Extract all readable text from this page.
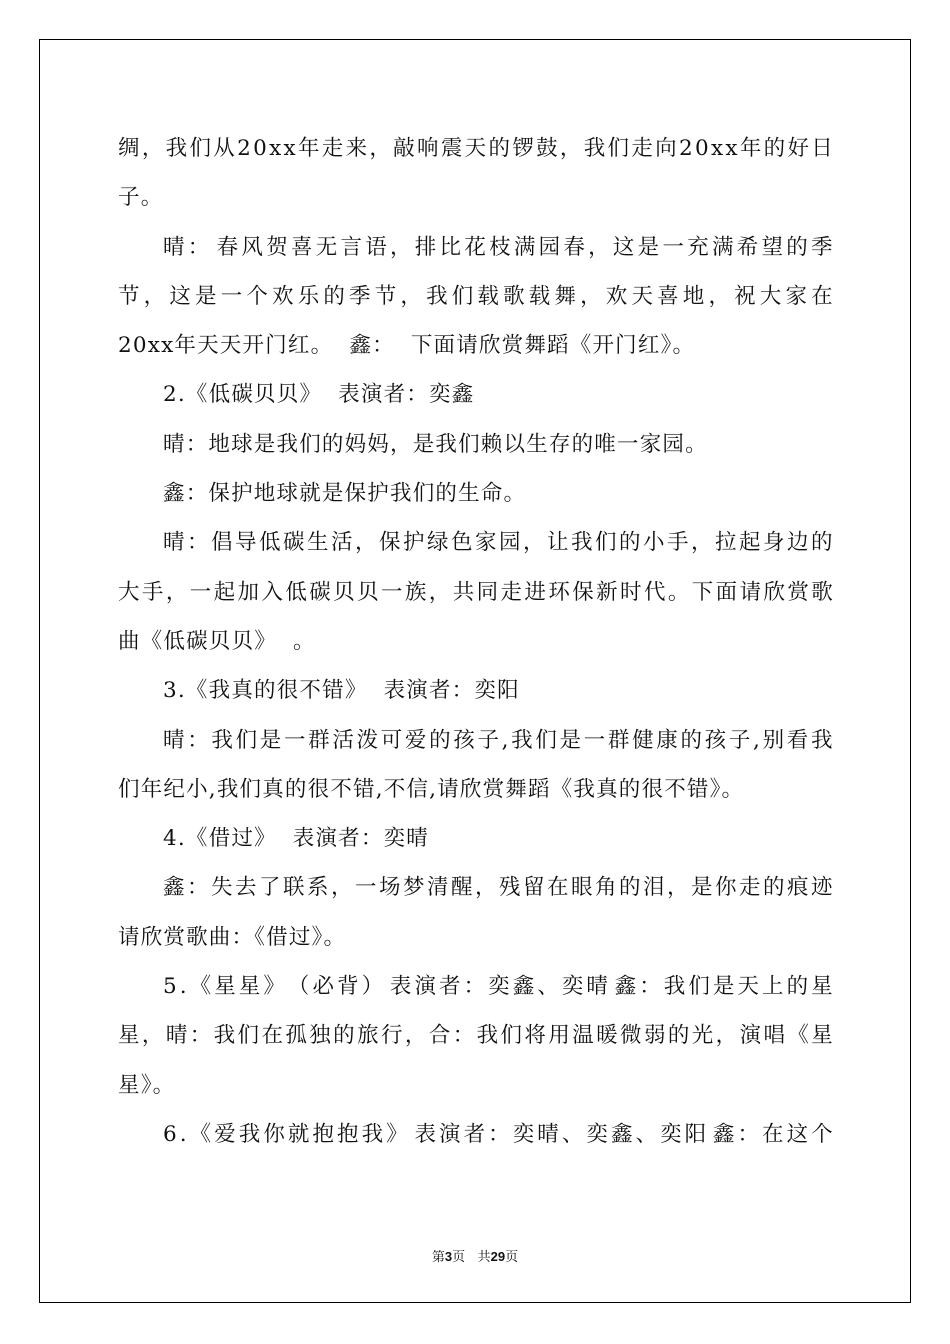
绸 ， 我 们 从 2 0 x x 年 走 来 ， 敲 响 震 天 的 锣 鼓 ， 我 们 走 向 2 0 x x 年 的 好 日
子。
晴 ： 春 风 贺 喜 无 言 语 ， 排 比 花 枝 满 园 春 ， 这 是 一 充 满 希 望 的 季
节 ， 这 是 一 个 欢 乐 的 季 节 ， 我 们 载 歌 载 舞 ， 欢 天 喜 地 ， 祝 大 家 在
20xx年天天开门红。  鑫：  下面请欣赏舞蹈《开门红》。
2.《低碳贝贝》  表演者：奕鑫
晴：地球是我们的妈妈，是我们赖以生存的唯一家园。
鑫：保护地球就是保护我们的生命。
晴 ： 倡 导 低 碳 生 活 ， 保 护 绿 色 家 园 ， 让 我 们 的 小 手 ， 拉 起 身 边 的
大 手 ， 一 起 加 入 低 碳 贝 贝 一 族 ， 共 同 走 进 环 保 新 时 代 。 下 面 请 欣 赏 歌
曲《低碳贝贝》  。
3.《我真的很不错》  表演者：奕阳
晴 ： 我 们 是 一 群 活 泼 可 爱 的 孩 子 , 我 们 是 一 群 健 康 的 孩 子 , 别 看 我
们年纪小,我们真的很不错,不信,请欣赏舞蹈《我真的很不错》。
4.《借过》  表演者：奕晴
鑫 ： 失 去 了 联 系 ， 一 场 梦 清 醒 ， 残 留 在 眼 角 的 泪 ， 是 你 走 的 痕 迹
请欣赏歌曲：《借过》。
5 . 《 星 星 》 （ 必 背 ） 表 演 者 ： 奕 鑫 、 奕 晴 鑫 ： 我 们 是 天 上 的 星
星 ， 晴 ： 我 们 在 孤 独 的 旅 行 ， 合 ： 我 们 将 用 温 暖 微 弱 的 光 ， 演 唱 《 星
星》。
6 . 《 爱 我 你 就 抱 抱 我 》 表 演 者 ： 奕 晴 、 奕 鑫 、 奕 阳 鑫 ： 在 这 个
第3页 共29页
